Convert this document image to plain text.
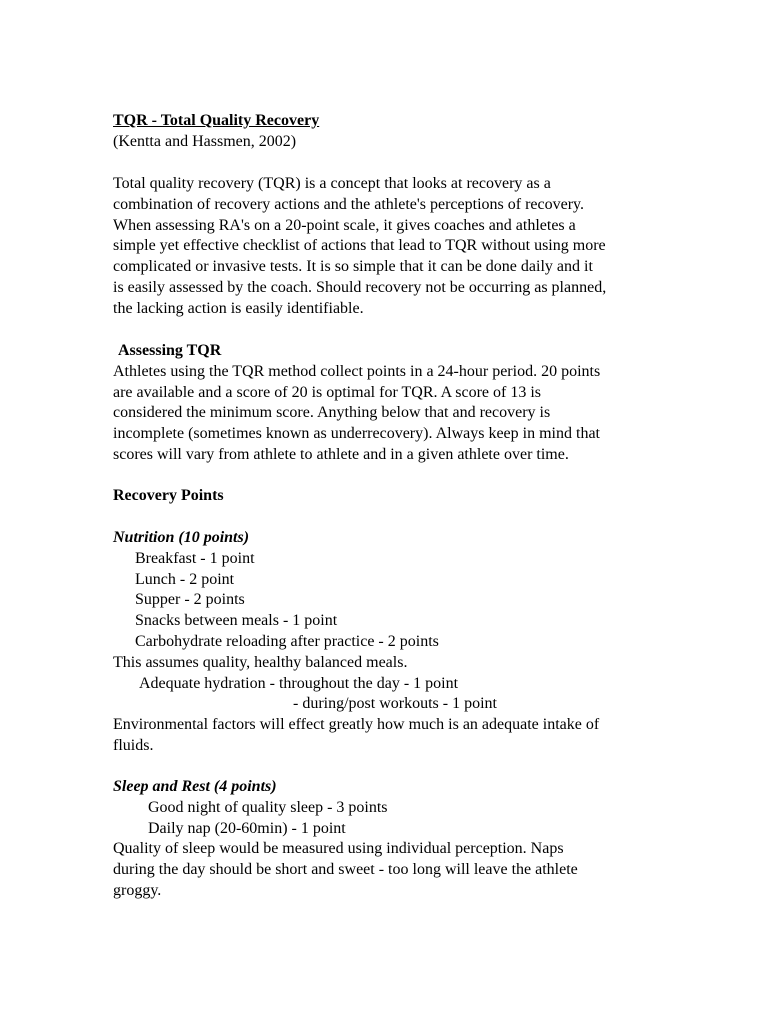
TQR - Total Quality Recovery
(Kentta and Hassmen, 2002)
Total quality recovery (TQR) is a concept that looks at recovery as a
combination of recovery actions and the athlete's perceptions of recovery.
When assessing RA's on a 20-point scale, it gives coaches and athletes a
simple yet effective checklist of actions that lead to TQR without using more
complicated or invasive tests. It is so simple that it can be done daily and it
is easily assessed by the coach. Should recovery not be occurring as planned,
the lacking action is easily identifiable.
Assessing TQR
Athletes using the TQR method collect points in a 24-hour period. 20 points
are available and a score of 20 is optimal for TQR. A score of 13 is
considered the minimum score. Anything below that and recovery is
incomplete (sometimes known as underrecovery). Always keep in mind that
scores will vary from athlete to athlete and in a given athlete over time.
Recovery Points
Nutrition (10 points)
Breakfast - 1 point
Lunch - 2 point
Supper - 2 points
Snacks between meals - 1 point
Carbohydrate reloading after practice - 2 points
This assumes quality, healthy balanced meals.
Adequate hydration - throughout the day - 1 point
- during/post workouts - 1 point
Environmental factors will effect greatly how much is an adequate intake of
fluids.
Sleep and Rest (4 points)
Good night of quality sleep - 3 points
Daily nap (20-60min) - 1 point
Quality of sleep would be measured using individual perception. Naps
during the day should be short and sweet - too long will leave the athlete
groggy.
